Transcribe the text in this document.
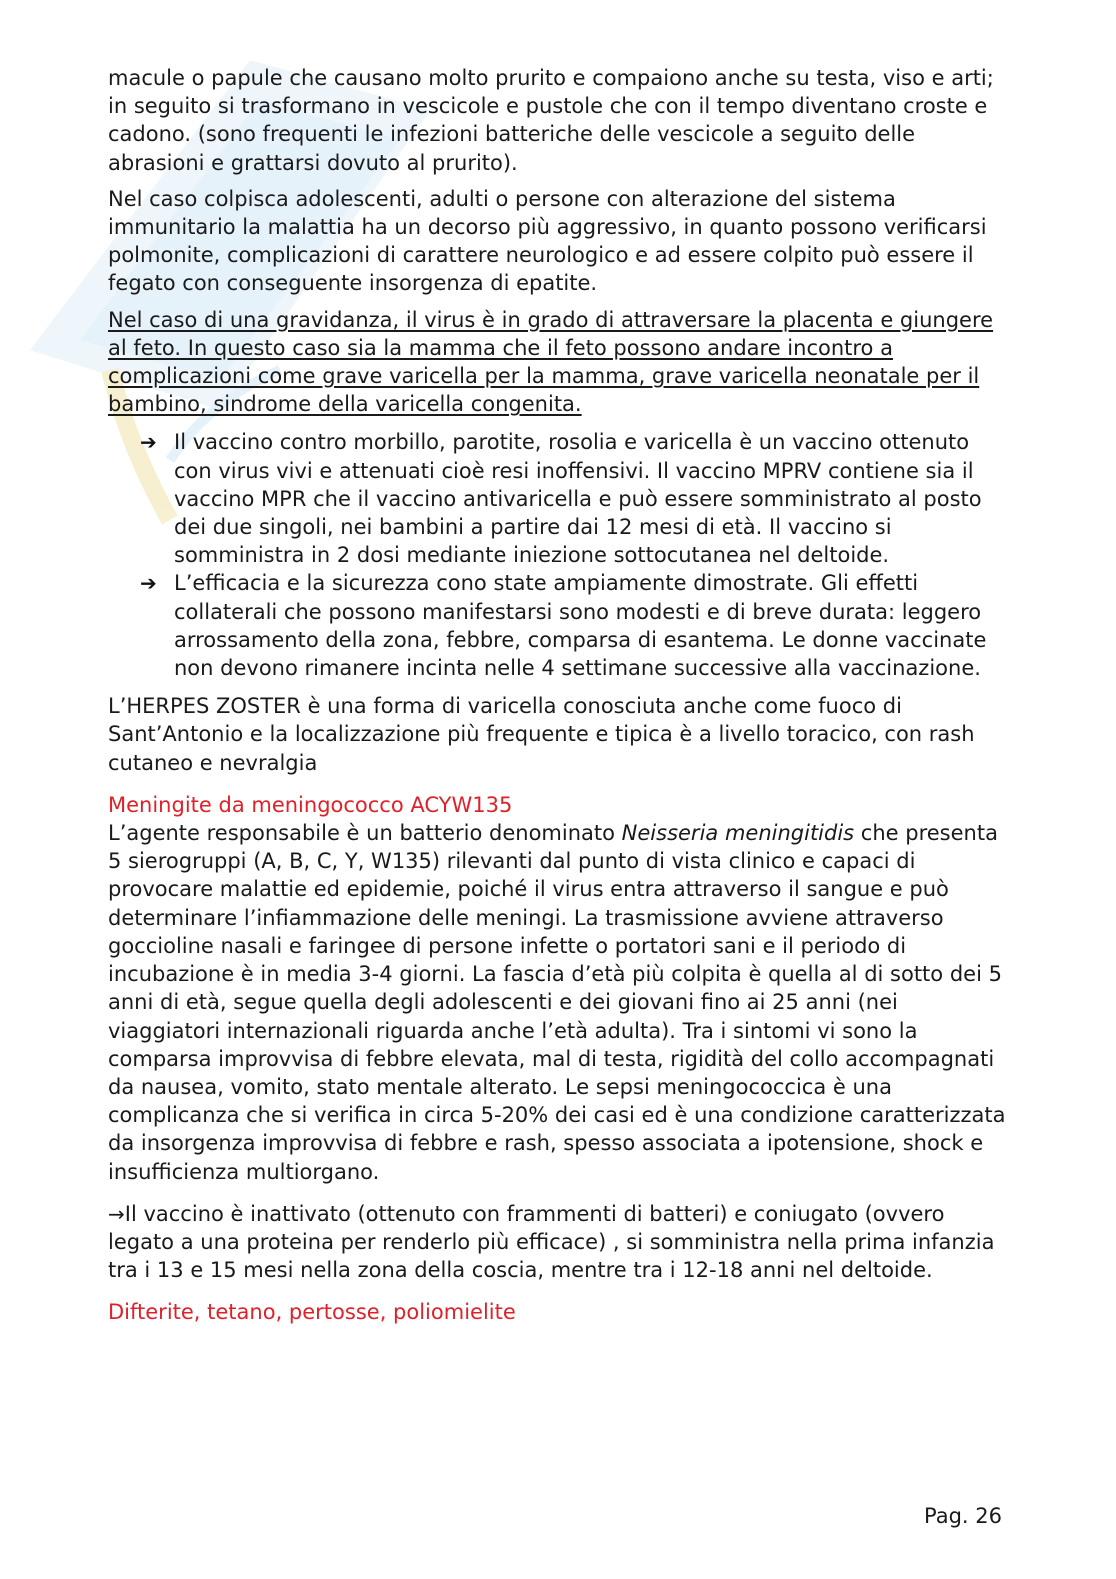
macule o papule che causano molto prurito e compaiono anche su testa, viso e arti; in seguito si trasformano in vescicole e pustole che con il tempo diventano croste e cadono. (sono frequenti le infezioni batteriche delle vescicole a seguito delle abrasioni e grattarsi dovuto al prurito).

Nel caso colpisca adolescenti, adulti o persone con alterazione del sistema immunitario la malattia ha un decorso più aggressivo, in quanto possono verificarsi polmonite, complicazioni di carattere neurologico e ad essere colpito può essere il fegato con conseguente insorgenza di epatite.

Nel caso di una gravidanza, il virus è in grado di attraversare la placenta e giungere al feto. In questo caso sia la mamma che il feto possono andare incontro a complicazioni come grave varicella per la mamma, grave varicella neonatale per il bambino, sindrome della varicella congenita.

➔ Il vaccino contro morbillo, parotite, rosolia e varicella è un vaccino ottenuto con virus vivi e attenuati cioè resi inoffensivi. Il vaccino MPRV contiene sia il vaccino MPR che il vaccino antivaricella e può essere somministrato al posto dei due singoli, nei bambini a partire dai 12 mesi di età. Il vaccino si somministra in 2 dosi mediante iniezione sottocutanea nel deltoide.
➔ L’efficacia e la sicurezza cono state ampiamente dimostrate. Gli effetti collaterali che possono manifestarsi sono modesti e di breve durata: leggero arrossamento della zona, febbre, comparsa di esantema. Le donne vaccinate non devono rimanere incinta nelle 4 settimane successive alla vaccinazione.

L’HERPES ZOSTER è una forma di varicella conosciuta anche come fuoco di Sant’Antonio e la localizzazione più frequente e tipica è a livello toracico, con rash cutaneo e nevralgia

Meningite da meningococco ACYW135

L’agente responsabile è un batterio denominato Neisseria meningitidis che presenta 5 sierogruppi (A, B, C, Y, W135) rilevanti dal punto di vista clinico e capaci di provocare malattie ed epidemie, poiché il virus entra attraverso il sangue e può determinare l’infiammazione delle meningi. La trasmissione avviene attraverso goccioline nasali e faringee di persone infette o portatori sani e il periodo di incubazione è in media 3-4 giorni. La fascia d’età più colpita è quella al di sotto dei 5 anni di età, segue quella degli adolescenti e dei giovani fino ai 25 anni (nei viaggiatori internazionali riguarda anche l’età adulta). Tra i sintomi vi sono la comparsa improvvisa di febbre elevata, mal di testa, rigidità del collo accompagnati da nausea, vomito, stato mentale alterato. Le sepsi meningococcica è una complicanza che si verifica in circa 5-20% dei casi ed è una condizione caratterizzata da insorgenza improvvisa di febbre e rash, spesso associata a ipotensione, shock e insufficienza multiorgano.

→Il vaccino è inattivato (ottenuto con frammenti di batteri) e coniugato (ovvero legato a una proteina per renderlo più efficace) , si somministra nella prima infanzia tra i 13 e 15 mesi nella zona della coscia, mentre tra i 12-18 anni nel deltoide.

Difterite, tetano, pertosse, poliomielite
Pag. 26
